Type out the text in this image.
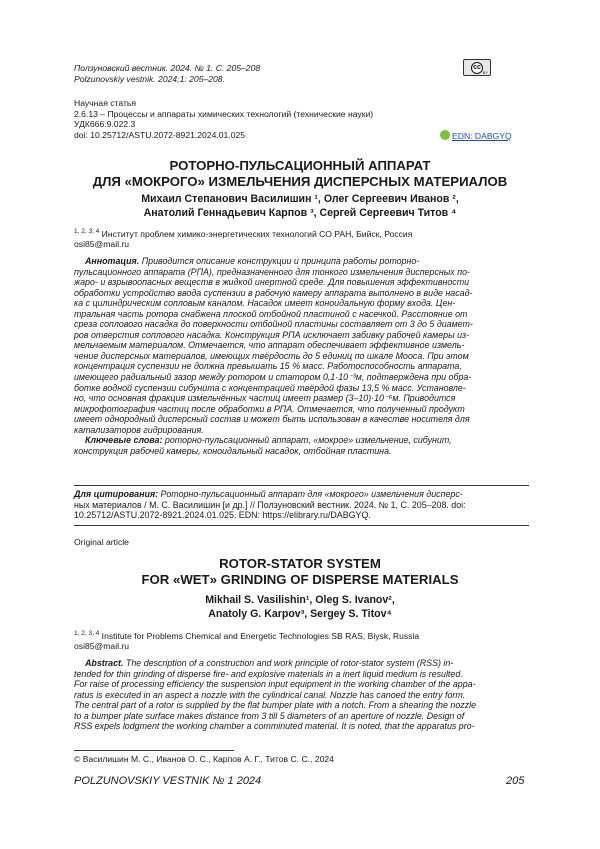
Ползуновский вестник. 2024. № 1. С. 205–208
Polzunovskiy vestnik. 2024;1: 205–208.
cc
BY
Научная статья
2.6.13 – Процессы и аппараты химических технологий (технические науки)
УДК666.9.022.3
doi: 10.25712/ASTU.2072-8921.2024.01.025	EDN: DABGYQ
РОТОРНО-ПУЛЬСАЦИОННЫЙ АППАРАТ
ДЛЯ «МОКРОГО» ИЗМЕЛЬЧЕНИЯ ДИСПЕРСНЫХ МАТЕРИАЛОВ
Михаил Степанович Василишин ¹, Олег Сергеевич Иванов ²,
Анатолий Геннадьевич Карпов ³, Сергей Сергеевич Титов ⁴
$^{1, 2, 3, 4}$ Институт проблем химико-энергетических технологий СО РАН, Бийск, Россия
osi85@mail.ru
Аннотация. Приводится описание конструкции и принципа работы роторно-
пульсационного аппарата (РПА), предназначенного для тонкого измельчения дисперсных по-
жаро- и взрывоопасных веществ в жидкой инертной среде. Для повышения эффективности
обработки устройство ввода суспензии в рабочую камеру аппарата выполнено в виде насад-
ка с цилиндрическим сопловым каналом. Насадок имеет коноидальную форму входа. Цен-
тральная часть ротора снабжена плоской отбойной пластиной с насечкой. Расстояние от
среза соплового насадка до поверхности отбойной пластины составляет от 3 до 5 диамет-
ров отверстия соплового насадка. Конструкция РПА исключает забивку рабочей камеры из-
мельчаемым материалом. Отмечается, что аппарат обеспечивает эффективное измель-
чение дисперсных материалов, имеющих твёрдость до 5 единиц по шкале Мооса. При этом
концентрация суспензии не должна превышать 15 % масс. Работоспособность аппарата,
имеющего радиальный зазор между ротором и статором 0,1·10⁻³м, подтверждена при обра-
ботке водной суспензии сибунита с концентрацией твёрдой фазы 13,5 % масс. Установле-
но, что основная фракция измельчённых частиц имеет размер (3–10)·10⁻⁶м. Приводится
микрофотография частиц после обработки в РПА. Отмечается, что полученный продукт
имеет однородный дисперсный состав и может быть использован в качестве носителя для
катализаторов гидрирования.
Ключевые слова: роторно-пульсационный аппарат, «мокрое» измельчение, сибунит,
конструкция рабочей камеры, коноидальный насадок, отбойная пластина.
Для цитирования: Роторно-пульсационный аппарат для «мокрого» измельчения дисперс-
ных материалов / М. С. Василишин [и др.] // Ползуновский вестник. 2024. № 1, С. 205–208. doi:
10.25712/ASTU.2072-8921.2024.01.025. EDN: https://elibrary.ru/DABGYQ.
Original article
ROTOR-STATOR SYSTEM
FOR «WET» GRINDING OF DISPERSE MATERIALS
Mikhail S. Vasilishin¹, Oleg S. Ivanov²,
Anatoly G. Karpov³, Sergey S. Titov⁴
$^{1, 2, 3, 4}$ Institute for Problems Chemical and Energetic Technologies SB RAS, Biysk, Russia
osi85@mail.ru
Abstract. The description of a construction and work principle of rotor-stator system (RSS) in-
tended for thin grinding of disperse fire- and explosive materials in a inert liquid medium is resulted.
For raise of processing efficiency the suspension input equipment in the working chamber of the appa-
ratus is executed in an aspect a nozzle with the cylindrical canal. Nozzle has canoed the entry form.
The central part of a rotor is supplied by the flat bumper plate with a notch. From a shearing the nozzle
to a bumper plate surface makes distance from 3 till 5 diameters of an aperture of nozzle. Design of
RSS expels lodgment the working chamber a comminuted material. It is noted, that the apparatus pro-
© Василишин М. С., Иванов О. С., Карпов А. Г., Титов С. С., 2024
POLZUNOVSKIY VESTNIK № 1 2024	205
